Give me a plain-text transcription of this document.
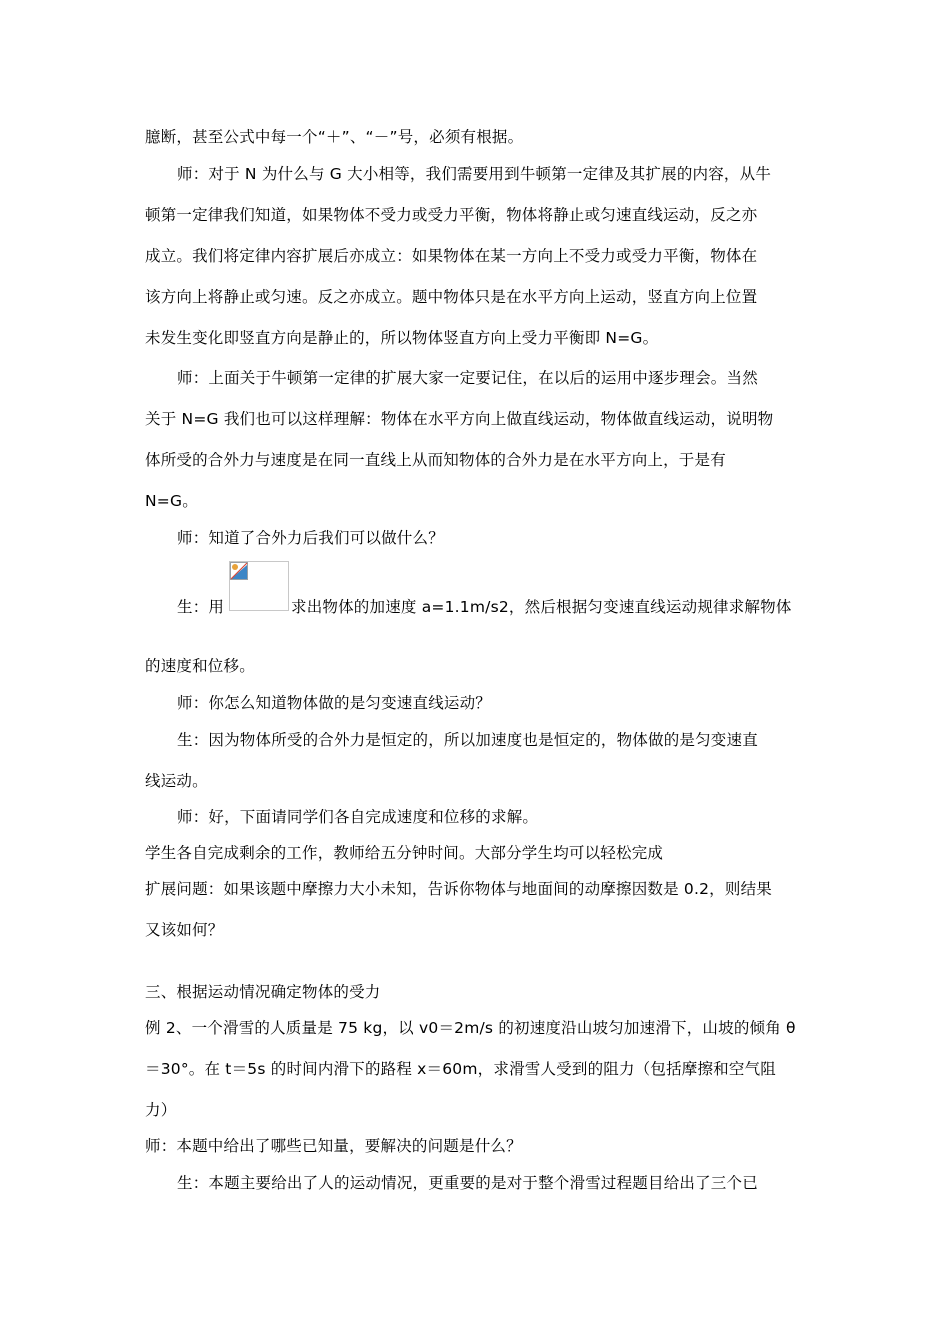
臆断，甚至公式中每一个“＋”、“－”号，必须有根据。
师：对于 N 为什么与 G 大小相等，我们需要用到牛顿第一定律及其扩展的内容，从牛
顿第一定律我们知道，如果物体不受力或受力平衡，物体将静止或匀速直线运动，反之亦
成立。我们将定律内容扩展后亦成立：如果物体在某一方向上不受力或受力平衡，物体在
该方向上将静止或匀速。反之亦成立。题中物体只是在水平方向上运动，竖直方向上位置
未发生变化即竖直方向是静止的，所以物体竖直方向上受力平衡即 N=G。
师：上面关于牛顿第一定律的扩展大家一定要记住，在以后的运用中逐步理会。当然
关于 N=G 我们也可以这样理解：物体在水平方向上做直线运动，物体做直线运动，说明物
体所受的合外力与速度是在同一直线上从而知物体的合外力是在水平方向上，于是有
N=G。
师：知道了合外力后我们可以做什么？
生：用	求出物体的加速度 a=1.1m/s2，然后根据匀变速直线运动规律求解物体
的速度和位移。
师：你怎么知道物体做的是匀变速直线运动？
生：因为物体所受的合外力是恒定的，所以加速度也是恒定的，物体做的是匀变速直
线运动。
师：好，下面请同学们各自完成速度和位移的求解。
学生各自完成剩余的工作，教师给五分钟时间。大部分学生均可以轻松完成
扩展问题：如果该题中摩擦力大小未知，告诉你物体与地面间的动摩擦因数是 0.2，则结果
又该如何？
三、根据运动情况确定物体的受力
例 2、一个滑雪的人质量是 75 kg，以 v0＝2m/s 的初速度沿山坡匀加速滑下，山坡的倾角 θ
＝30°。在 t＝5s 的时间内滑下的路程 x＝60m，求滑雪人受到的阻力（包括摩擦和空气阻
力）
师：本题中给出了哪些已知量，要解决的问题是什么？
生：本题主要给出了人的运动情况，更重要的是对于整个滑雪过程题目给出了三个已
